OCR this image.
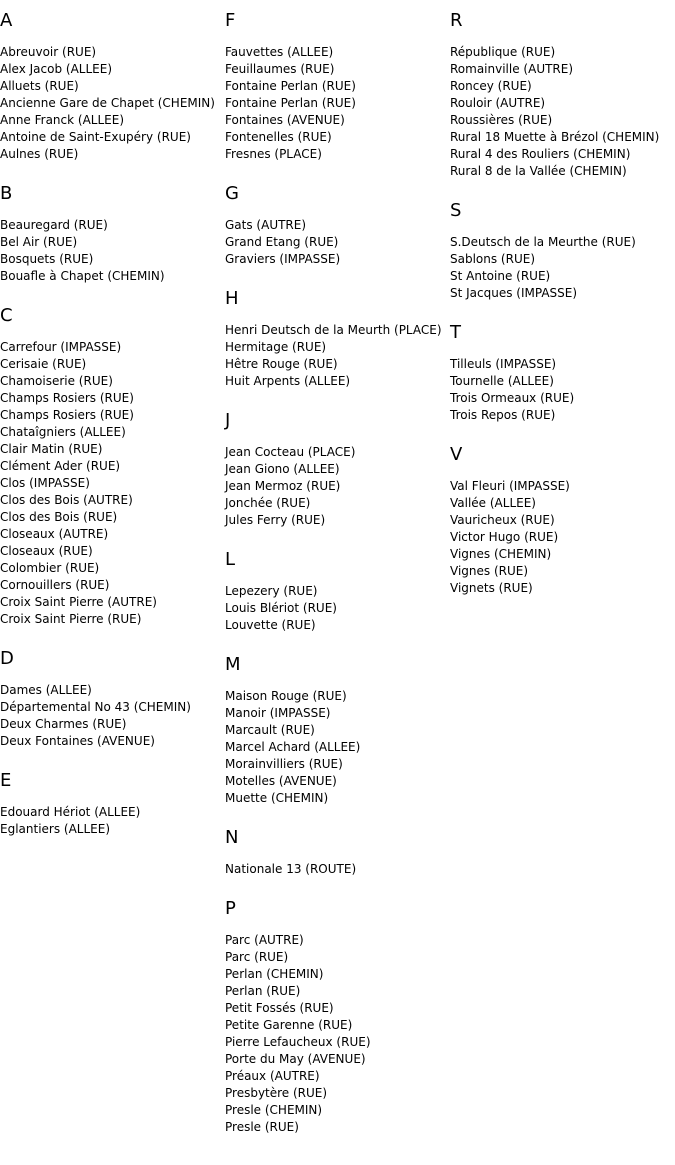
A
Abreuvoir (RUE)
Alex Jacob (ALLEE)
Alluets (RUE)
Ancienne Gare de Chapet (CHEMIN)
Anne Franck (ALLEE)
Antoine de Saint-Exupéry (RUE)
Aulnes (RUE)
B
Beauregard (RUE)
Bel Air (RUE)
Bosquets (RUE)
Bouafle à Chapet (CHEMIN)
C
Carrefour (IMPASSE)
Cerisaie (RUE)
Chamoiserie (RUE)
Champs Rosiers (RUE)
Champs Rosiers (RUE)
Chataîgniers (ALLEE)
Clair Matin (RUE)
Clément Ader (RUE)
Clos (IMPASSE)
Clos des Bois (AUTRE)
Clos des Bois (RUE)
Closeaux (AUTRE)
Closeaux (RUE)
Colombier (RUE)
Cornouillers (RUE)
Croix Saint Pierre (AUTRE)
Croix Saint Pierre (RUE)
D
Dames (ALLEE)
Départemental No 43 (CHEMIN)
Deux Charmes (RUE)
Deux Fontaines (AVENUE)
E
Edouard Hériot (ALLEE)
Eglantiers (ALLEE)
F
Fauvettes (ALLEE)
Feuillaumes (RUE)
Fontaine Perlan (RUE)
Fontaine Perlan (RUE)
Fontaines (AVENUE)
Fontenelles (RUE)
Fresnes (PLACE)
G
Gats (AUTRE)
Grand Etang (RUE)
Graviers (IMPASSE)
H
Henri Deutsch de la Meurth (PLACE)
Hermitage (RUE)
Hêtre Rouge (RUE)
Huit Arpents (ALLEE)
J
Jean Cocteau (PLACE)
Jean Giono (ALLEE)
Jean Mermoz (RUE)
Jonchée (RUE)
Jules Ferry (RUE)
L
Lepezery (RUE)
Louis Blériot (RUE)
Louvette (RUE)
M
Maison Rouge (RUE)
Manoir (IMPASSE)
Marcault (RUE)
Marcel Achard (ALLEE)
Morainvilliers (RUE)
Motelles (AVENUE)
Muette (CHEMIN)
N
Nationale 13 (ROUTE)
P
Parc (AUTRE)
Parc (RUE)
Perlan (CHEMIN)
Perlan (RUE)
Petit Fossés (RUE)
Petite Garenne (RUE)
Pierre Lefaucheux (RUE)
Porte du May (AVENUE)
Préaux (AUTRE)
Presbytère (RUE)
Presle (CHEMIN)
Presle (RUE)
R
République (RUE)
Romainville (AUTRE)
Roncey (RUE)
Rouloir (AUTRE)
Roussières (RUE)
Rural 18 Muette à Brézol (CHEMIN)
Rural 4 des Rouliers (CHEMIN)
Rural 8 de la Vallée (CHEMIN)
S
S.Deutsch de la Meurthe (RUE)
Sablons (RUE)
St Antoine (RUE)
St Jacques (IMPASSE)
T
Tilleuls (IMPASSE)
Tournelle (ALLEE)
Trois Ormeaux (RUE)
Trois Repos (RUE)
V
Val Fleuri (IMPASSE)
Vallée (ALLEE)
Vauricheux (RUE)
Victor Hugo (RUE)
Vignes (CHEMIN)
Vignes (RUE)
Vignets (RUE)
